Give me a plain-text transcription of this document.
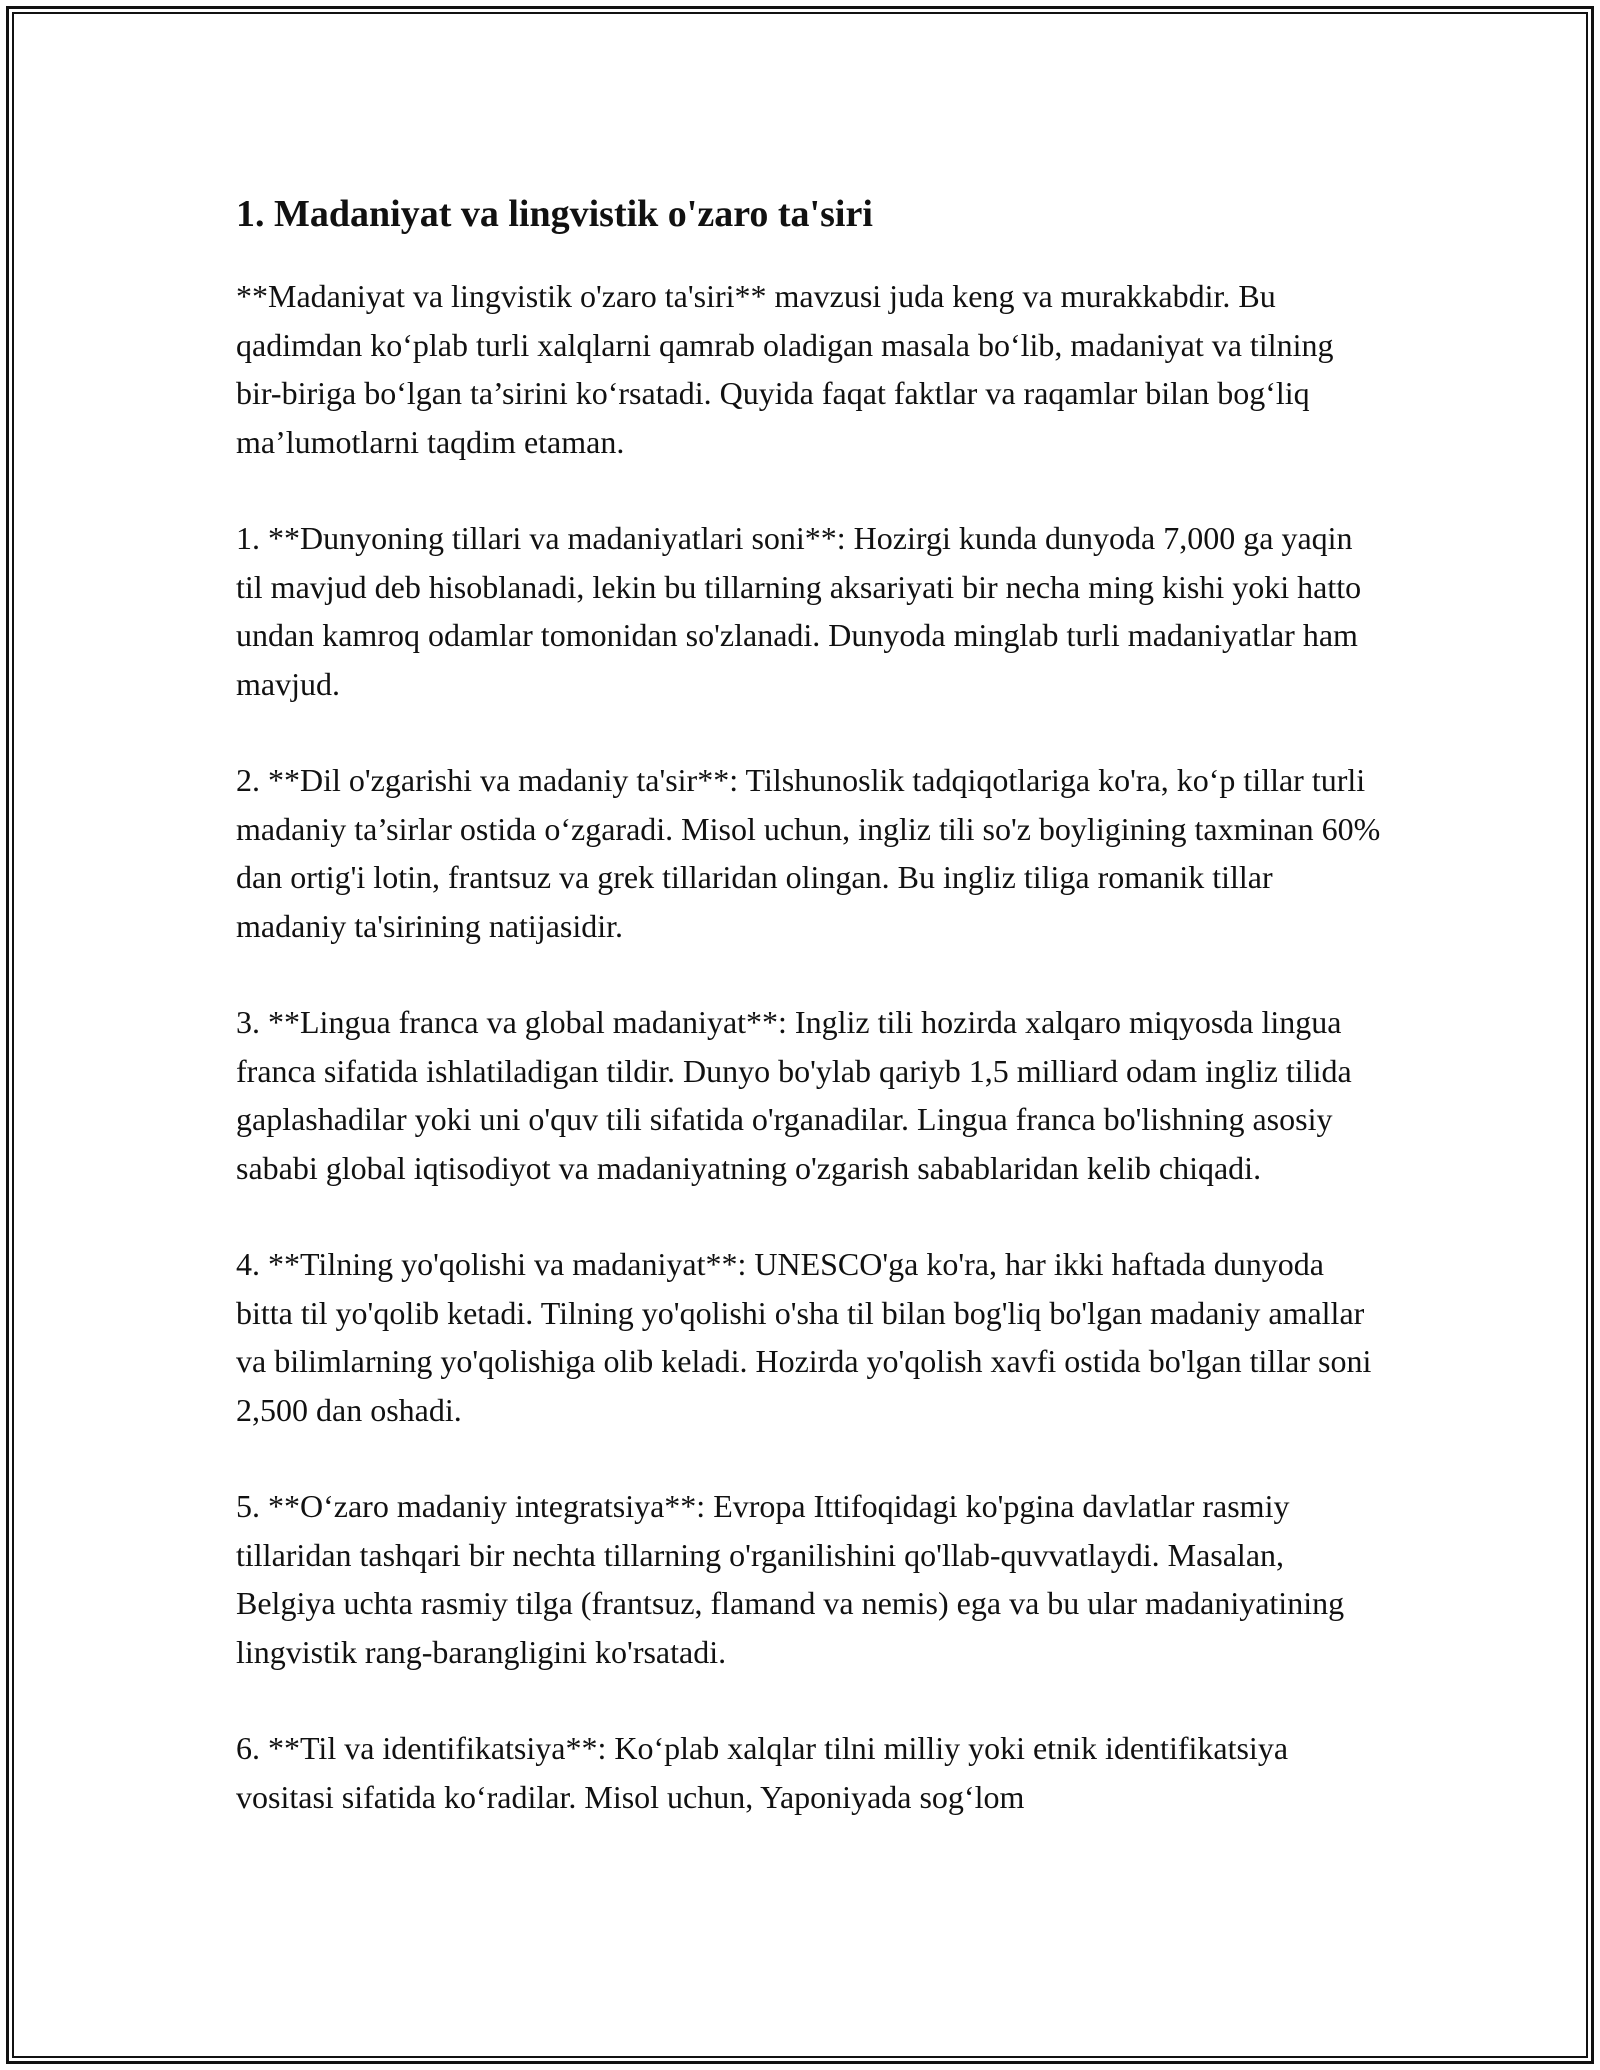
1. Madaniyat va lingvistik o'zaro ta'siri

**Madaniyat va lingvistik o'zaro ta'siri** mavzusi juda keng va murakkabdir. Bu qadimdan ko‘plab turli xalqlarni qamrab oladigan masala bo‘lib, madaniyat va tilning bir-biriga bo‘lgan ta’sirini ko‘rsatadi. Quyida faqat faktlar va raqamlar bilan bog‘liq ma’lumotlarni taqdim etaman.

1. **Dunyoning tillari va madaniyatlari soni**: Hozirgi kunda dunyoda 7,000 ga yaqin til mavjud deb hisoblanadi, lekin bu tillarning aksariyati bir necha ming kishi yoki hatto undan kamroq odamlar tomonidan so'zlanadi. Dunyoda minglab turli madaniyatlar ham mavjud.

2. **Dil o'zgarishi va madaniy ta'sir**: Tilshunoslik tadqiqotlariga ko'ra, ko‘p tillar turli madaniy ta’sirlar ostida o‘zgaradi. Misol uchun, ingliz tili so'z boyligining taxminan 60% dan ortig'i lotin, frantsuz va grek tillaridan olingan. Bu ingliz tiliga romanik tillar madaniy ta'sirining natijasidir.

3. **Lingua franca va global madaniyat**: Ingliz tili hozirda xalqaro miqyosda lingua franca sifatida ishlatiladigan tildir. Dunyo bo'ylab qariyb 1,5 milliard odam ingliz tilida gaplashadilar yoki uni o'quv tili sifatida o'rganadilar. Lingua franca bo'lishning asosiy sababi global iqtisodiyot va madaniyatning o'zgarish sabablaridan kelib chiqadi.

4. **Tilning yo'qolishi va madaniyat**: UNESCO'ga ko'ra, har ikki haftada dunyoda bitta til yo'qolib ketadi. Tilning yo'qolishi o'sha til bilan bog'liq bo'lgan madaniy amallar va bilimlarning yo'qolishiga olib keladi. Hozirda yo'qolish xavfi ostida bo'lgan tillar soni 2,500 dan oshadi.

5. **O‘zaro madaniy integratsiya**: Evropa Ittifoqidagi ko'pgina davlatlar rasmiy tillaridan tashqari bir nechta tillarning o'rganilishini qo'llab-quvvatlaydi. Masalan, Belgiya uchta rasmiy tilga (frantsuz, flamand va nemis) ega va bu ular madaniyatining lingvistik rang-barangligini ko'rsatadi.

6. **Til va identifikatsiya**: Ko‘plab xalqlar tilni milliy yoki etnik identifikatsiya vositasi sifatida ko‘radilar. Misol uchun, Yaponiyada sog‘lom
